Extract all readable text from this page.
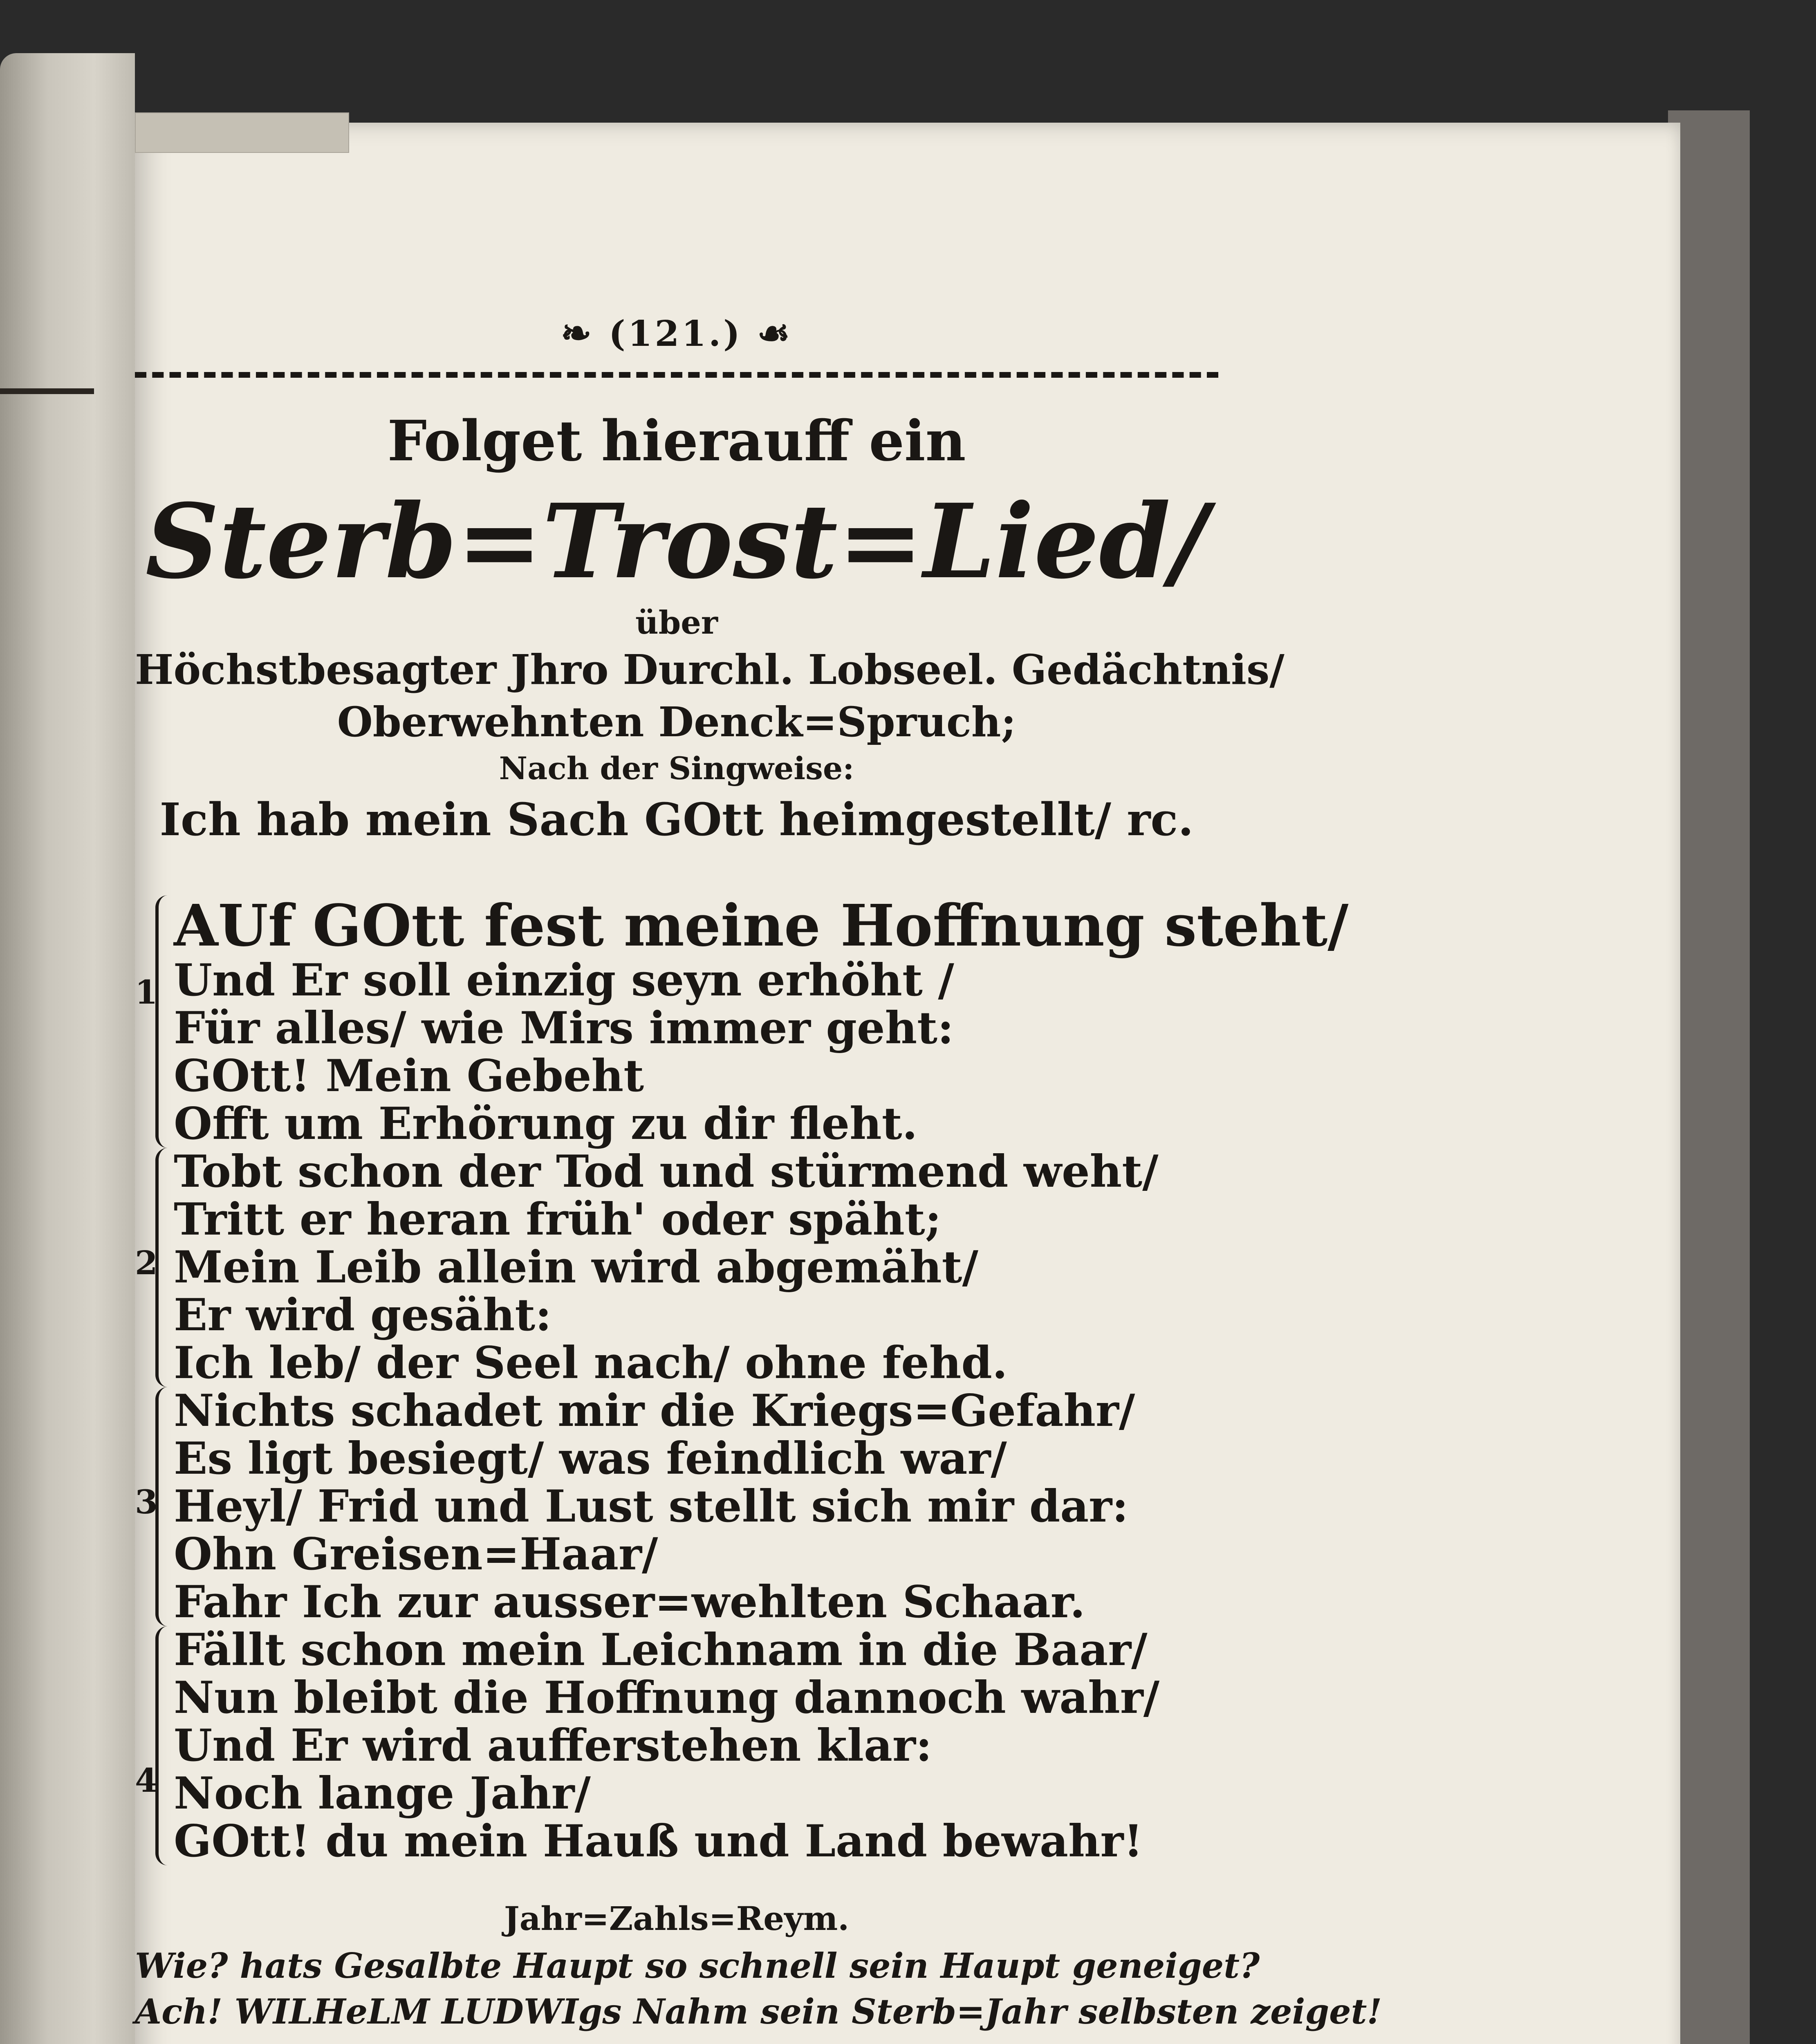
❧ (121.) ☙
Folget hierauff ein
Sterb=Trost=Lied/
über
Höchstbesagter Jhro Durchl. Lobseel. Gedächtnis/
Oberwehnten Denck=Spruch;
Nach der Singweise:
Ich hab mein Sach GOtt heimgestellt/ rc.
1
AUf GOtt fest meine Hoffnung steht/
Und Er soll einzig seyn erhöht /
Für alles/ wie Mirs immer geht:
GOtt! Mein Gebeht
Offt um Erhörung zu dir fleht.
2
Tobt schon der Tod und stürmend weht/
Tritt er heran früh' oder späht;
Mein Leib allein wird abgemäht/
Er wird gesäht:
Ich leb/ der Seel nach/ ohne fehd.
3
Nichts schadet mir die Kriegs=Gefahr/
Es ligt besiegt/ was feindlich war/
Heyl/ Frid und Lust stellt sich mir dar:
Ohn Greisen=Haar/
Fahr Ich zur ausser=wehlten Schaar.
4
Fällt schon mein Leichnam in die Baar/
Nun bleibt die Hoffnung dannoch wahr/
Und Er wird aufferstehen klar:
Noch lange Jahr/
GOtt! du mein Hauß und Land bewahr!
Jahr=Zahls=Reym.
Wie? hats Gesalbte Haupt so schnell sein Haupt geneiget?
Ach! WILHeLM LUDWIgs Nahm sein Sterb=Jahr selbsten zeiget!
